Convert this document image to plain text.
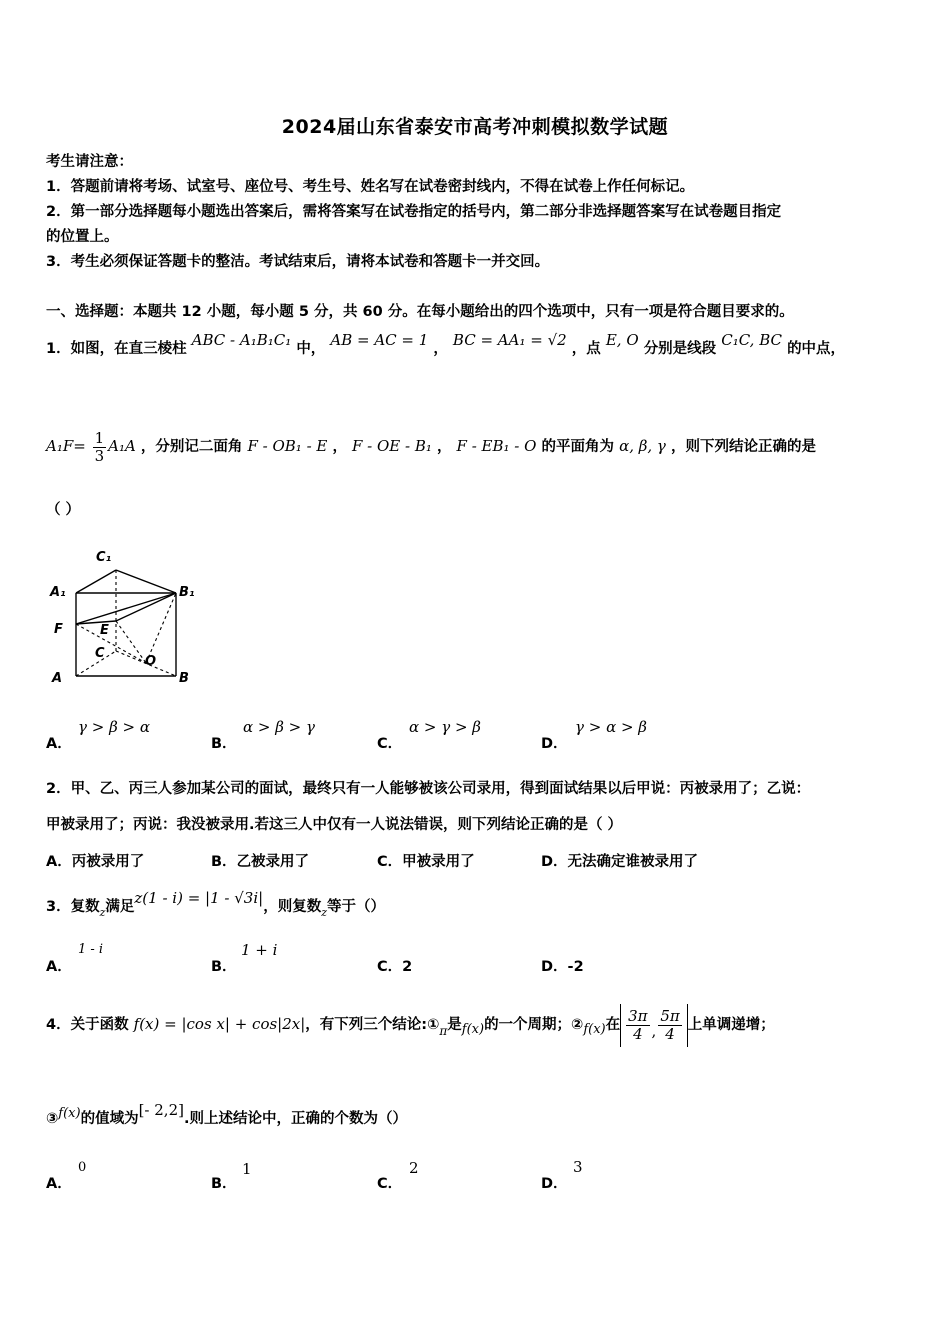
2024届山东省泰安市高考冲刺模拟数学试题
考生请注意：
1．答题前请将考场、试室号、座位号、考生号、姓名写在试卷密封线内，不得在试卷上作任何标记。
2．第一部分选择题每小题选出答案后，需将答案写在试卷指定的括号内，第二部分非选择题答案写在试卷题目指定
的位置上。
3．考生必须保证答题卡的整洁。考试结束后，请将本试卷和答题卡一并交回。
一、选择题：本题共 12 小题，每小题 5 分，共 60 分。在每小题给出的四个选项中，只有一项是符合题目要求的。
1．如图，在直三棱柱 ABC - A₁B₁C₁ 中， AB = AC = 1 ， BC = AA₁ = √2 ，点 E, O 分别是线段 C₁C, BC 的中点，
$A_1F= \frac{1}{3} A_1A$ ，分别记二面角 F - OB₁ - E ， F - OE - B₁ ， F - EB₁ - O 的平面角为 α, β, γ ，则下列结论正确的是
（ ）
C₁
A₁	B₁
F	E
C
O
A	B
A．
γ > β > α
B．
α > β > γ
C．
α > γ > β
D．
γ > α > β
2．甲、乙、丙三人参加某公司的面试，最终只有一人能够被该公司录用，得到面试结果以后甲说：丙被录用了；乙说：
甲被录用了；丙说：我没被录用.若这三人中仅有一人说法错误，则下列结论正确的是（ ）
A．丙被录用了	B．乙被录用了	C．甲被录用了	D．无法确定谁被录用了
3．复数$_z$满足z(1 - i) = |1 - √3i|，则复数$_z$等于（）
A．
1 - i
B．
1 + i
C．2	D．-2
4．关于函数 f(x) = |cos x| + cos|2x|，有下列三个结论$:①_\pi$是f(x)的一个周期；②f(x)在 $\frac{3\pi}{4}$ , $\frac{5\pi}{4}$ 上单调递增；
③f(x)的值域为[- 2,2].则上述结论中，正确的个数为（）
A．
0
B．
1
C．
2
D．
3
